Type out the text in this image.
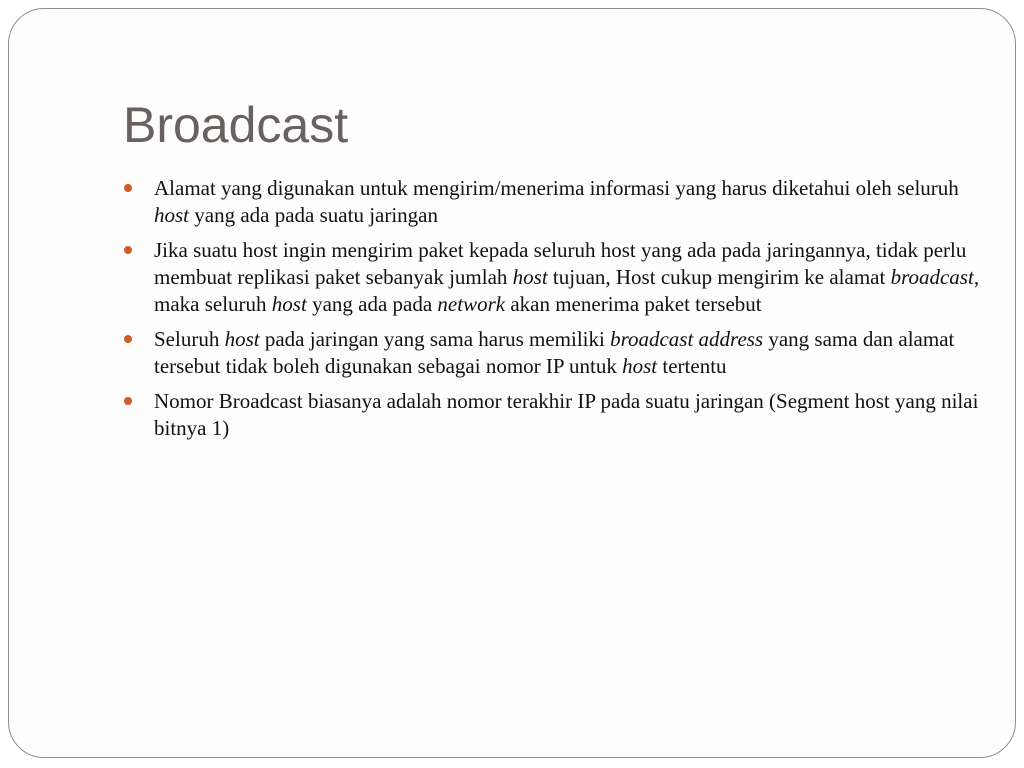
Broadcast
Alamat yang digunakan untuk mengirim/menerima informasi yang harus diketahui oleh seluruh host yang ada pada suatu jaringan
Jika suatu host ingin mengirim paket kepada seluruh host yang ada pada jaringannya, tidak perlu membuat replikasi paket sebanyak jumlah host tujuan, Host cukup mengirim ke alamat broadcast, maka seluruh host yang ada pada network akan menerima paket tersebut
Seluruh host pada jaringan yang sama harus memiliki broadcast address yang sama dan alamat tersebut tidak boleh digunakan sebagai nomor IP untuk host tertentu
Nomor Broadcast biasanya adalah nomor terakhir IP pada suatu jaringan (Segment host yang nilai bitnya 1)
